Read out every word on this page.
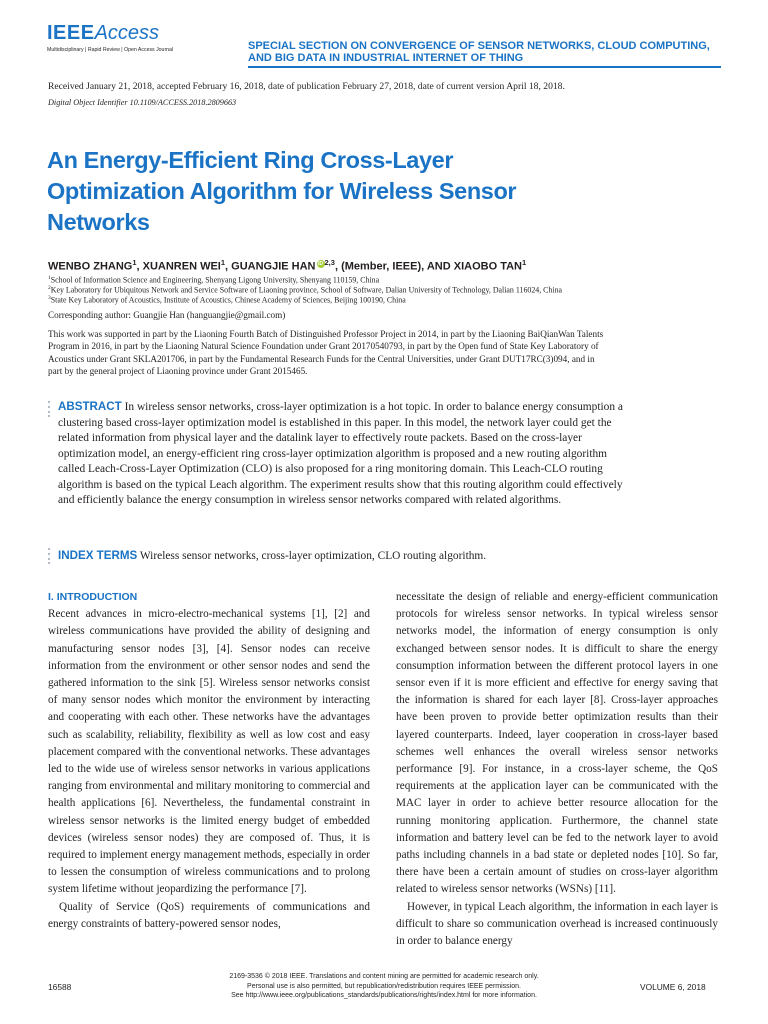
IEEEAccess
Multidisciplinary | Rapid Review | Open Access Journal	SPECIAL SECTION ON CONVERGENCE OF SENSOR NETWORKS, CLOUD COMPUTING, AND BIG DATA IN INDUSTRIAL INTERNET OF THING
Received January 21, 2018, accepted February 16, 2018, date of publication February 27, 2018, date of current version April 18, 2018.
Digital Object Identifier 10.1109/ACCESS.2018.2809663
An Energy-Efficient Ring Cross-Layer Optimization Algorithm for Wireless Sensor Networks
WENBO ZHANG$^1$, XUANREN WEI$^1$, GUANGJIE HAN iD $^{2,3}$, (Member, IEEE), AND XIAOBO TAN$^1$
$^1$School of Information Science and Engineering, Shenyang Ligong University, Shenyang 110159, China
$^2$Key Laboratory for Ubiquitous Network and Service Software of Liaoning province, School of Software, Dalian University of Technology, Dalian 116024, China
$^3$State Key Laboratory of Acoustics, Institute of Acoustics, Chinese Academy of Sciences, Beijing 100190, China
Corresponding author: Guangjie Han (hanguangjie@gmail.com)
This work was supported in part by the Liaoning Fourth Batch of Distinguished Professor Project in 2014, in part by the Liaoning BaiQianWan Talents Program in 2016, in part by the Liaoning Natural Science Foundation under Grant 20170540793, in part by the Open fund of State Key Laboratory of Acoustics under Grant SKLA201706, in part by the Fundamental Research Funds for the Central Universities, under Grant DUT17RC(3)094, and in part by the general project of Liaoning province under Grant 2015465.
ABSTRACT In wireless sensor networks, cross-layer optimization is a hot topic. In order to balance energy consumption a clustering based cross-layer optimization model is established in this paper. In this model, the network layer could get the related information from physical layer and the datalink layer to effectively route packets. Based on the cross-layer optimization model, an energy-efficient ring cross-layer optimization algorithm is proposed and a new routing algorithm called Leach-Cross-Layer Optimization (CLO) is also proposed for a ring monitoring domain. This Leach-CLO routing algorithm is based on the typical Leach algorithm. The experiment results show that this routing algorithm could effectively and efficiently balance the energy consumption in wireless sensor networks compared with related algorithms.
INDEX TERMS Wireless sensor networks, cross-layer optimization, CLO routing algorithm.
I. INTRODUCTION

Recent advances in micro-electro-mechanical systems [1], [2] and wireless communications have provided the ability of designing and manufacturing sensor nodes [3], [4]. Sensor nodes can receive information from the environment or other sensor nodes and send the gathered information to the sink [5]. Wireless sensor networks consist of many sensor nodes which monitor the environment by interacting and cooperating with each other. These networks have the advantages such as scalability, reliability, flexibility as well as low cost and easy placement compared with the conventional networks. These advantages led to the wide use of wireless sensor networks in various applications ranging from environmental and military monitoring to commercial and health applications [6]. Nevertheless, the fundamental constraint in wireless sensor networks is the limited energy budget of embedded devices (wireless sensor nodes) they are composed of. Thus, it is required to implement energy management methods, especially in order to lessen the consumption of wireless communications and to prolong system lifetime without jeopardizing the performance [7].

Quality of Service (QoS) requirements of communications and energy constraints of battery-powered sensor nodes,

necessitate the design of reliable and energy-efficient communication protocols for wireless sensor networks. In typical wireless sensor networks model, the information of energy consumption is only exchanged between sensor nodes. It is difficult to share the energy consumption information between the different protocol layers in one sensor even if it is more efficient and effective for energy saving that the information is shared for each layer [8]. Cross-layer approaches have been proven to provide better optimization results than their layered counterparts. Indeed, layer cooperation in cross-layer based schemes well enhances the overall wireless sensor networks performance [9]. For instance, in a cross-layer scheme, the QoS requirements at the application layer can be communicated with the MAC layer in order to achieve better resource allocation for the running monitoring application. Furthermore, the channel state information and battery level can be fed to the network layer to avoid paths including channels in a bad state or depleted nodes [10]. So far, there have been a certain amount of studies on cross-layer algorithm related to wireless sensor networks (WSNs) [11].

However, in typical Leach algorithm, the information in each layer is difficult to share so communication overhead is increased continuously in order to balance energy

16588
2169-3536 © 2018 IEEE. Translations and content mining are permitted for academic research only.
Personal use is also permitted, but republication/redistribution requires IEEE permission.
See http://www.ieee.org/publications_standards/publications/rights/index.html for more information.
VOLUME 6, 2018
